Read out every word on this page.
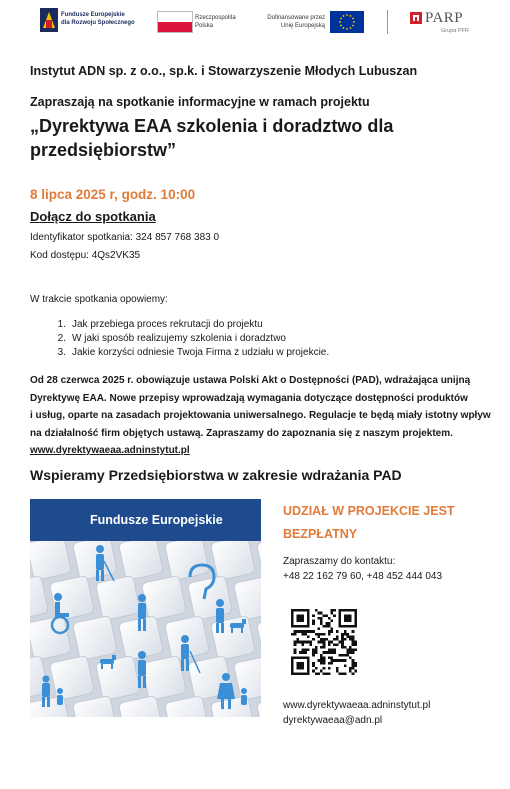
Fundusze Europejskie
dla Rozwoju Społecznego
Rzeczpospolita
Polska
Dofinansowane przez
Unię Europejską	PARP
Grupa PFR
Instytut ADN sp. z o.o., sp.k. i Stowarzyszenie Młodych Lubuszan
Zapraszają na spotkanie informacyjne w ramach projektu
„Dyrektywa EAA szkolenia i doradztwo dla
przedsiębiorstw”
8 lipca 2025 r, godz. 10:00
Dołącz do spotkania
Identyfikator spotkania: 324 857 768 383 0
Kod dostępu: 4Qs2VK35
W trakcie spotkania opowiemy:
1. Jak przebiega proces rekrutacji do projektu
2. W jaki sposób realizujemy szkolenia i doradztwo
3. Jakie korzyści odniesie Twoja Firma z udziału w projekcie.
Od 28 czerwca 2025 r. obowiązuje ustawa Polski Akt o Dostępności (PAD), wdrażająca unijną
Dyrektywę EAA. Nowe przepisy wprowadzają wymagania dotyczące dostępności produktów
i usług, oparte na zasadach projektowania uniwersalnego. Regulacje te będą miały istotny wpływ
na działalność firm objętych ustawą. Zapraszamy do zapoznania się z naszym projektem.
www.dyrektywaeaa.adninstytut.pl
Wspieramy Przedsiębiorstwa w zakresie wdrażania PAD
Fundusze Europejskie
UDZIAŁ W PROJEKCIE JEST
BEZPŁATNY
Zapraszamy do kontaktu:
+48 22 162 79 60, +48 452 444 043
www.dyrektywaeaa.adninstytut.pl
dyrektywaeaa@adn.pl
